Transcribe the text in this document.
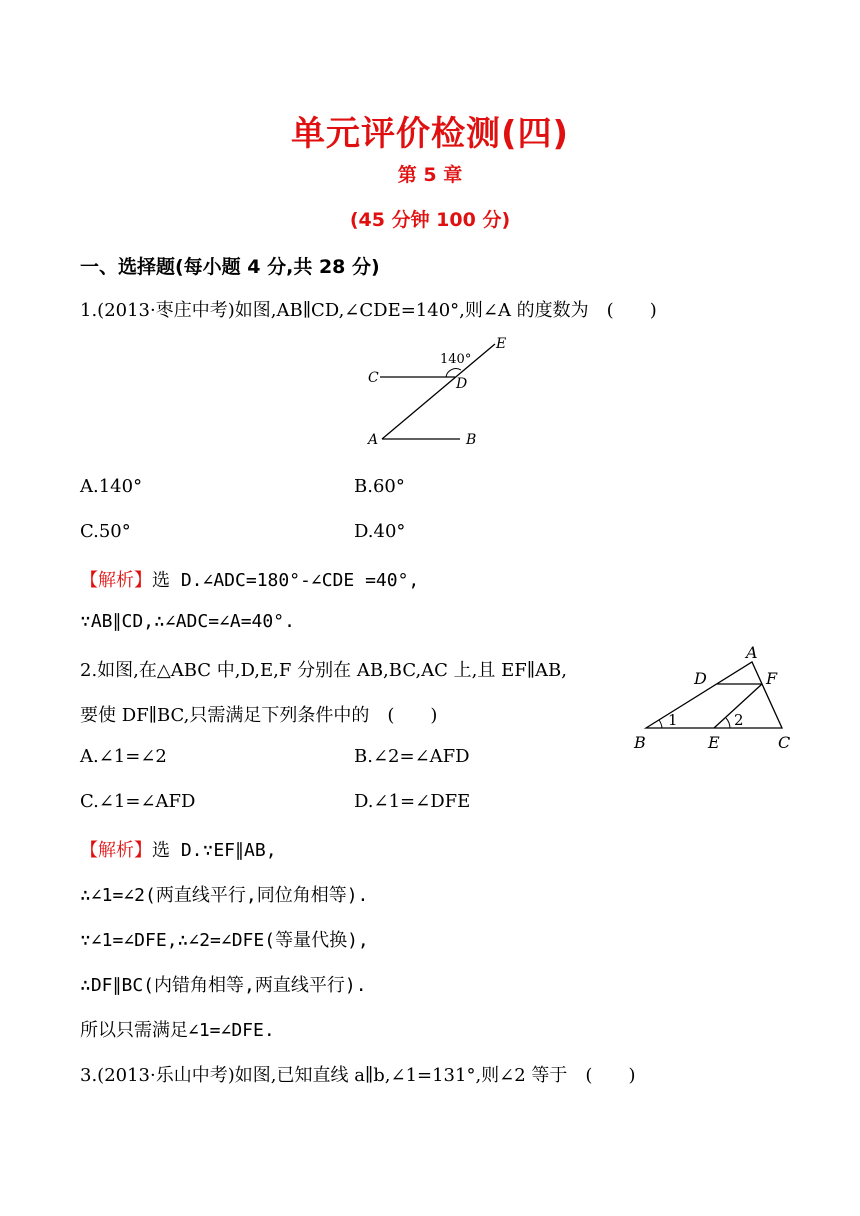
单元评价检测(四)
第 5 章
(45 分钟 100 分)
一、选择题(每小题 4 分,共 28 分)
1.(2013·枣庄中考)如图,AB∥CD,∠CDE=140°,则∠A 的度数为　(　　)
C	D
E
A	B
140°
A.140°	B.60°
C.50°	D.40°
【解析】选 D.∠ADC=180°-∠CDE =40°,
∵AB∥CD,∴∠ADC=∠A=40°.
2.如图,在△ABC 中,D,E,F 分别在 AB,BC,AC 上,且 EF∥AB,
要使 DF∥BC,只需满足下列条件中的　(　　)
A
D	F
B	E	C
1	2
A.∠1=∠2	B.∠2=∠AFD
C.∠1=∠AFD	D.∠1=∠DFE
【解析】选 D.∵EF∥AB,
∴∠1=∠2(两直线平行,同位角相等).
∵∠1=∠DFE,∴∠2=∠DFE(等量代换),
∴DF∥BC(内错角相等,两直线平行).
所以只需满足∠1=∠DFE.
3.(2013·乐山中考)如图,已知直线 a∥b,∠1=131°,则∠2 等于　(　　)
